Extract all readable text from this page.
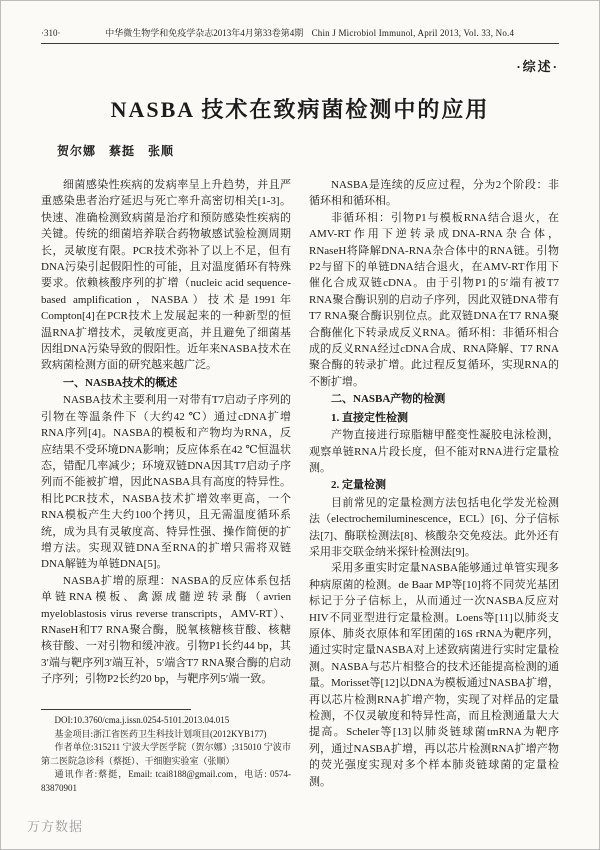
·310·	中华微生物学和免疫学杂志2013年4月第33卷第4期 Chin J Microbiol Immunol, April 2013, Vol. 33, No.4
·综述·
NASBA 技术在致病菌检测中的应用
贺尔娜　蔡挺　张顺

细菌感染性疾病的发病率呈上升趋势，并且严重感染患者治疗延迟与死亡率升高密切相关[1-3]。快速、准确检测致病菌是治疗和预防感染性疾病的关键。传统的细菌培养联合药物敏感试验检测周期长，灵敏度有限。PCR技术弥补了以上不足，但有DNA污染引起假阳性的可能，且对温度循环有特殊要求。依赖核酸序列的扩增（nucleic acid sequence-based amplification，NASBA）技术是1991年Compton[4]在PCR技术上发展起来的一种新型的恒温RNA扩增技术，灵敏度更高，并且避免了细菌基因组DNA污染导致的假阳性。近年来NASBA技术在致病菌检测方面的研究越来越广泛。

一、NASBA技术的概述

NASBA技术主要利用一对带有T7启动子序列的引物在等温条件下（大约42 ℃）通过cDNA扩增RNA序列[4]。NASBA的模板和产物均为RNA，反应结果不受环境DNA影响；反应体系在42 ℃恒温状态，错配几率减少；环境双链DNA因其T7启动子序列而不能被扩增，因此NASBA具有高度的特异性。相比PCR技术，NASBA技术扩增效率更高，一个RNA模板产生大约100个拷贝，且无需温度循环系统，成为具有灵敏度高、特异性强、操作简便的扩增方法。实现双链DNA至RNA的扩增只需将双链DNA解链为单链DNA[5]。

NASBA扩增的原理：NASBA的反应体系包括单链RNA模板、禽源成髓逆转录酶（avrien myeloblastosis virus reverse transcripts，AMV-RT）、RNaseH和T7 RNA聚合酶，脱氧核糖核苷酸、核糖核苷酸、一对引物和缓冲液。引物P1长约44 bp，其3′端与靶序列3′端互补，5′端含T7 RNA聚合酶的启动子序列；引物P2长约20 bp，与靶序列5′端一致。

DOI:10.3760/cma.j.issn.0254-5101.2013.04.015

基金项目:浙江省医药卫生科技计划项目(2012KYB177)

作者单位:315211 宁波大学医学院（贺尔娜）;315010 宁波市第二医院急诊科（蔡挺）、干细胞实验室（张顺）

通讯作者:蔡挺，Email: tcai8188@gmail.com，电话: 0574-83870901

NASBA是连续的反应过程，分为2个阶段：非循环相和循环相。

非循环相：引物P1与模板RNA结合退火，在AMV-RT作用下逆转录成DNA-RNA杂合体，RNaseH将降解DNA-RNA杂合体中的RNA链。引物P2与留下的单链DNA结合退火，在AMV-RT作用下催化合成双链cDNA。由于引物P1的5′端有被T7 RNA聚合酶识别的启动子序列，因此双链DNA带有T7 RNA聚合酶识别位点。此双链DNA在T7 RNA聚合酶催化下转录成反义RNA。循环相：非循环相合成的反义RNA经过cDNA合成、RNA降解、T7 RNA聚合酶的转录扩增。此过程反复循环，实现RNA的不断扩增。

二、NASBA产物的检测

1. 直接定性检测

产物直接进行琼脂糖甲醛变性凝胶电泳检测，观察单链RNA片段长度，但不能对RNA进行定量检测。

2. 定量检测

目前常见的定量检测方法包括电化学发光检测法（electrochemiluminescence，ECL）[6]、分子信标法[7]、酶联检测法[8]、核酸杂交免疫法。此外还有采用非交联金纳米探针检测法[9]。

采用多重实时定量NASBA能够通过单管实现多种病原菌的检测。de Baar MP等[10]将不同荧光基团标记于分子信标上，从而通过一次NASBA反应对HIV不同亚型进行定量检测。Loens等[11]以肺炎支原体、肺炎衣原体和军团菌的16S rRNA为靶序列，通过实时定量NASBA对上述致病菌进行实时定量检测。NASBA与芯片相整合的技术还能提高检测的通量。Morisset等[12]以DNA为模板通过NASBA扩增，再以芯片检测RNA扩增产物，实现了对样品的定量检测，不仅灵敏度和特异性高，而且检测通量大大提高。Scheler等[13]以肺炎链球菌tmRNA为靶序列，通过NASBA扩增，再以芯片检测RNA扩增产物的荧光强度实现对多个样本肺炎链球菌的定量检测。

万方数据
